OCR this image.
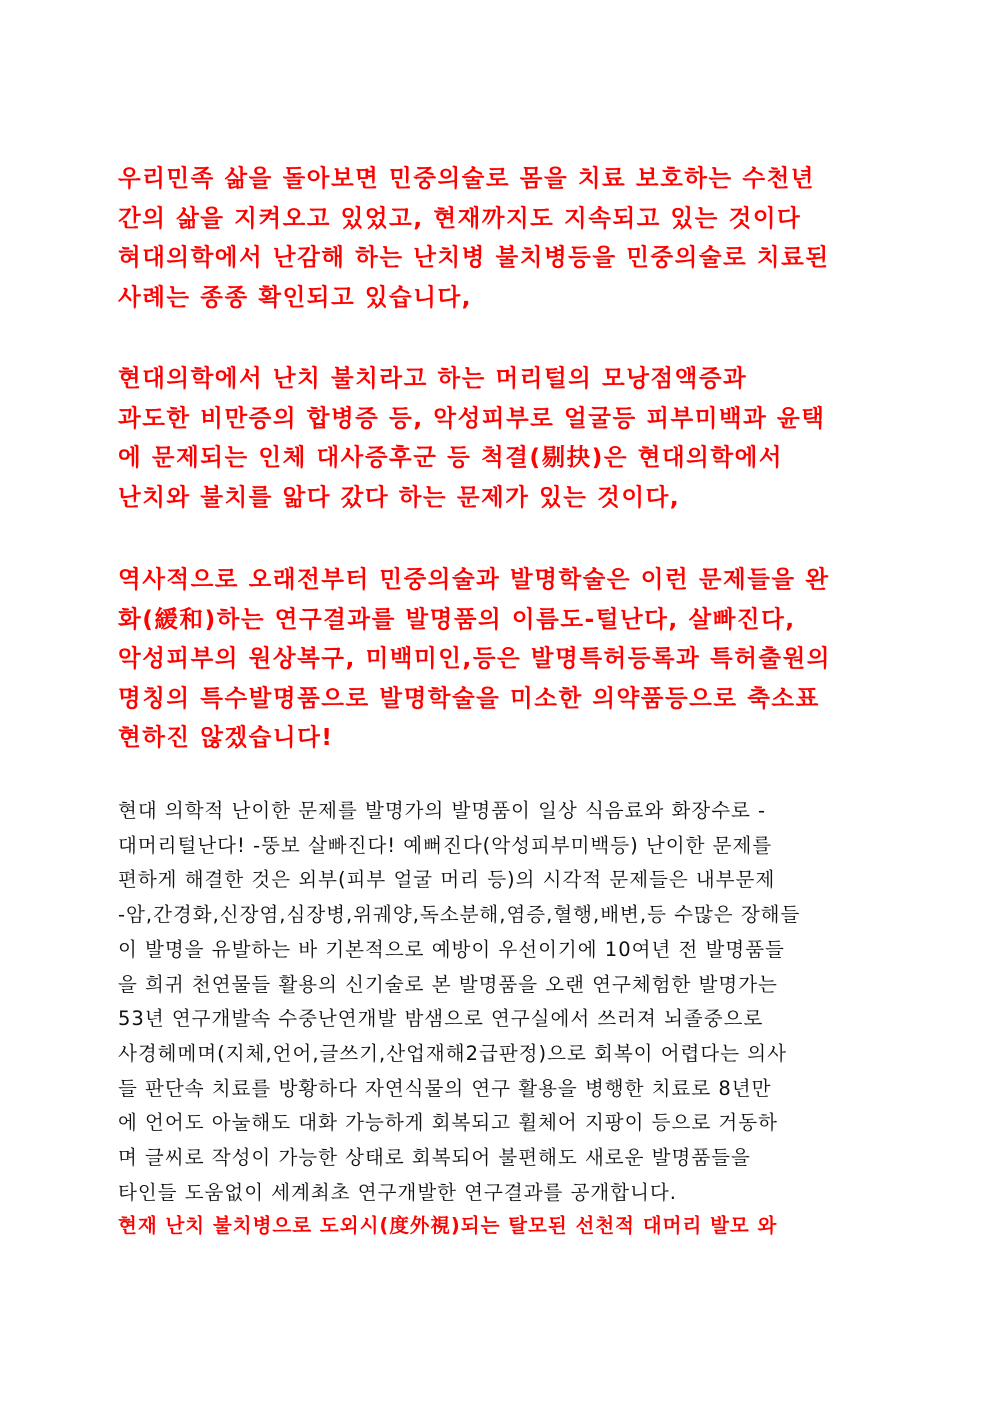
우리민족 삶을 돌아보면 민중의술로 몸을 치료 보호하는 수천년
간의 삶을 지켜오고 있었고, 현재까지도 지속되고 있는 것이다
혀대의학에서 난감해 하는 난치병 불치병등을 민중의술로 치료된
사례는 종종 확인되고 있습니다,
현대의학에서 난치 불치라고 하는 머리털의 모낭점액증과
과도한 비만증의 합병증 등, 악성피부로 얼굴등 피부미백과 윤택
에 문제되는 인체 대사증후군 등 척결(剔抉)은 현대의학에서
난치와 불치를 앎다 갔다 하는 문제가 있는 것이다,
역사적으로 오래전부터 민중의술과 발명학술은 이런 문제들을 완
화(緩和)하는 연구결과를 발명품의 이름도-털난다, 살빠진다,
악성피부의 원상복구, 미백미인,등은 발명특허등록과 특허출원의
명칭의 특수발명품으로 발명학술을 미소한 의약품등으로 축소표
현하진 않겠습니다!
현대 의학적 난이한 문제를 발명가의 발명품이 일상 식음료와 화장수로 -
대머리털난다! -뚱보 살빠진다! 예뻐진다(악성피부미백등) 난이한 문제를
편하게 해결한 것은 외부(피부 얼굴 머리 등)의 시각적 문제들은 내부문제
-암,간경화,신장염,심장병,위궤양,독소분해,염증,혈행,배변,등 수많은 장해들
이 발명을 유발하는 바 기본적으로 예방이 우선이기에 10여년 전 발명품들
을 희귀 천연물들 활용의 신기술로 본 발명품을 오랜 연구체험한 발명가는
53년 연구개발속 수중난연개발 밤샘으로 연구실에서 쓰러져 뇌졸중으로
사경헤메며(지체,언어,글쓰기,산업재해2급판정)으로 회복이 어렵다는 의사
들 판단속 치료를 방황하다 자연식물의 연구 활용을 병행한 치료로 8년만
에 언어도 아눌해도 대화 가능하게 회복되고 휠체어 지팡이 등으로 거동하
며 글씨로 작성이 가능한 상태로 회복되어 불편해도 새로운 발명품들을
타인들 도움없이 세계최초 연구개발한 연구결과를 공개합니다.
현재 난치 불치병으로 도외시(度外視)되는 탈모된 선천적 대머리 발모 와
